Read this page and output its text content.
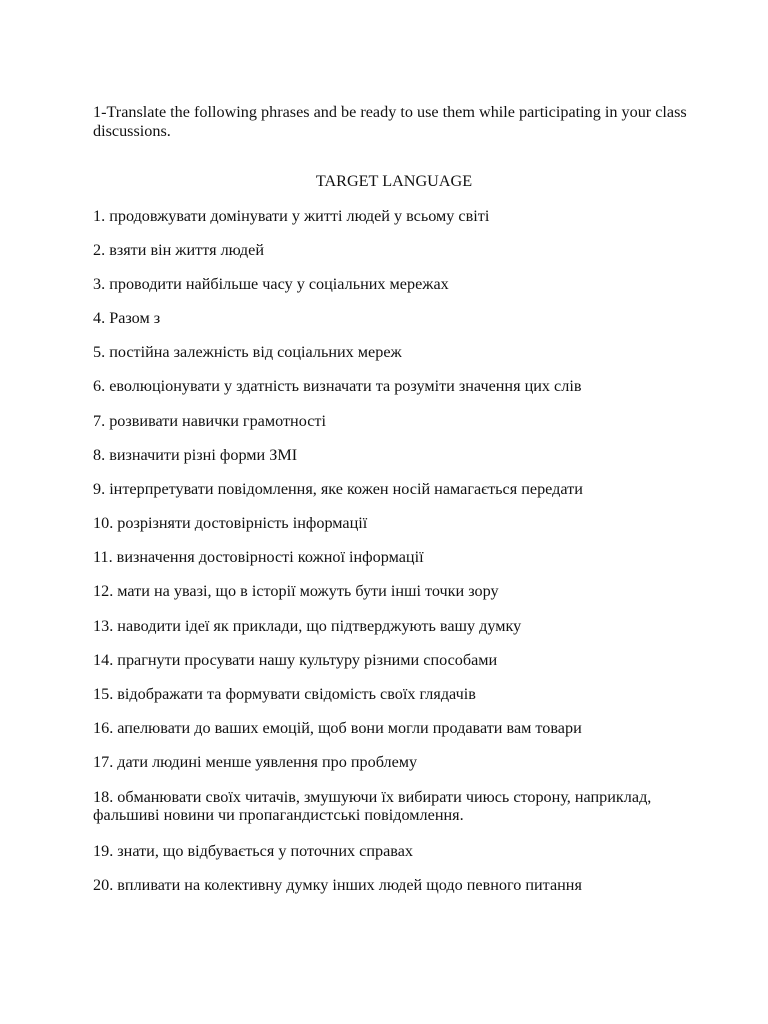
1-Translate the following phrases and be ready to use them while participating in your class discussions.

TARGET LANGUAGE

1. продовжувати домінувати у житті людей у всьому світі
2. взяти він життя людей
3. проводити найбільше часу у соціальних мережах
4. Разом з
5. постійна залежність від соціальних мереж
6. еволюціонувати у здатність визначати та розуміти значення цих слів
7. розвивати навички грамотності
8. визначити різні форми ЗМІ
9. інтерпретувати повідомлення, яке кожен носій намагається передати
10. розрізняти достовірність інформації
11. визначення достовірності кожної інформації
12. мати на увазі, що в історії можуть бути інші точки зору
13. наводити ідеї як приклади, що підтверджують вашу думку
14. прагнути просувати нашу культуру різними способами
15. відображати та формувати свідомість своїх глядачів
16. апелювати до ваших емоцій, щоб вони могли продавати вам товари
17. дати людині менше уявлення про проблему
18. обманювати своїх читачів, змушуючи їх вибирати чиюсь сторону, наприклад, фальшиві новини чи пропагандистські повідомлення.
19. знати, що відбувається у поточних справах
20. впливати на колективну думку інших людей щодо певного питання
